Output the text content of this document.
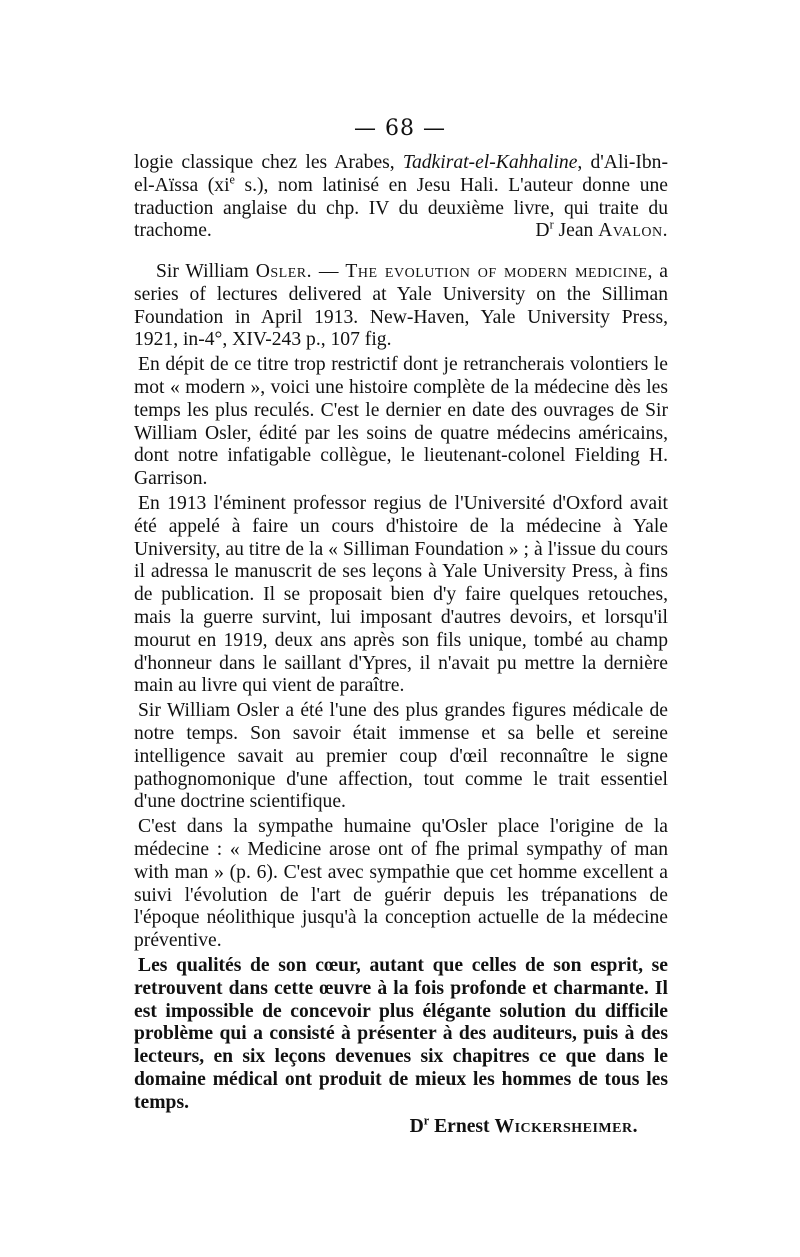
— 68 —

logie classique chez les Arabes, Tadkirat-el-Kahhaline, d'Ali-Ibn-el-Aïssa ($xi^e$ s.), nom latinisé en Jesu Hali. L'auteur donne une traduction anglaise du chp. IV du deuxième livre, qui traite du trachome.	$D^r$ Jean Avalon.

Sir William Osler. — The evolution of modern medicine, a series of lectures delivered at Yale University on the Silliman Foundation in April 1913. New-Haven, Yale University Press, 1921, in-4°, XIV-243 p., 107 fig.

En dépit de ce titre trop restrictif dont je retrancherais volontiers le mot « modern », voici une histoire complète de la médecine dès les temps les plus reculés. C'est le dernier en date des ouvrages de Sir William Osler, édité par les soins de quatre médecins américains, dont notre infatigable collègue, le lieutenant-colonel Fielding H. Garrison.

En 1913 l'éminent professor regius de l'Université d'Oxford avait été appelé à faire un cours d'histoire de la médecine à Yale University, au titre de la « Silliman Foundation » ; à l'issue du cours il adressa le manuscrit de ses leçons à Yale University Press, à fins de publication. Il se proposait bien d'y faire quelques retouches, mais la guerre survint, lui imposant d'autres devoirs, et lorsqu'il mourut en 1919, deux ans après son fils unique, tombé au champ d'honneur dans le saillant d'Ypres, il n'avait pu mettre la dernière main au livre qui vient de paraître.

Sir William Osler a été l'une des plus grandes figures médicale de notre temps. Son savoir était immense et sa belle et sereine intelligence savait au premier coup d'œil reconnaître le signe pathognomonique d'une affection, tout comme le trait essentiel d'une doctrine scientifique.

C'est dans la sympathe humaine qu'Osler place l'origine de la médecine : « Medicine arose ont of fhe primal sympathy of man with man » (p. 6). C'est avec sympathie que cet homme excellent a suivi l'évolution de l'art de guérir depuis les trépanations de l'époque néolithique jusqu'à la conception actuelle de la médecine préventive.

Les qualités de son cœur, autant que celles de son esprit, se retrouvent dans cette œuvre à la fois profonde et charmante. Il est impossible de concevoir plus élégante solution du difficile problème qui a consisté à présenter à des auditeurs, puis à des lecteurs, en six leçons devenues six chapitres ce que dans le domaine médical ont produit de mieux les hommes de tous les temps.

$D^r$ Ernest Wickersheimer.
